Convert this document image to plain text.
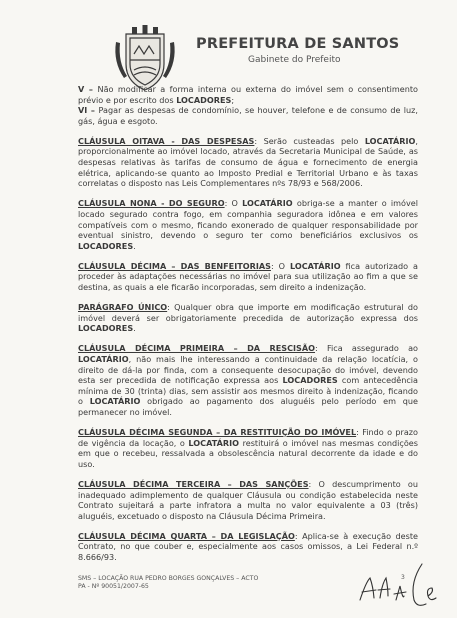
PREFEITURA DE SANTOS
Gabinete do Prefeito

V – Não modificar a forma interna ou externa do imóvel sem o consentimento prévio e por escrito dos LOCADORES;

VI – Pagar as despesas de condomínio, se houver, telefone e de consumo de luz, gás, água e esgoto.

CLÁUSULA OITAVA - DAS DESPESAS: Serão custeadas pelo LOCATÁRIO, proporcionalmente ao imóvel locado, através da Secretaria Municipal de Saúde, as despesas relativas às tarifas de consumo de água e fornecimento de energia elétrica, aplicando-se quanto ao Imposto Predial e Territorial Urbano e às taxas correlatas o disposto nas Leis Complementares nºs 78/93 e 568/2006.

CLÁUSULA NONA - DO SEGURO: O LOCATÁRIO obriga-se a manter o imóvel locado segurado contra fogo, em companhia seguradora idônea e em valores compatíveis com o mesmo, ficando exonerado de qualquer responsabilidade por eventual sinistro, devendo o seguro ter como beneficiários exclusivos os LOCADORES.

CLÁUSULA DÉCIMA – DAS BENFEITORIAS: O LOCATÁRIO fica autorizado a proceder às adaptações necessárias no imóvel para sua utilização ao fim a que se destina, as quais a ele ficarão incorporadas, sem direito a indenização.

PARÁGRAFO ÚNICO: Qualquer obra que importe em modificação estrutural do imóvel deverá ser obrigatoriamente precedida de autorização expressa dos LOCADORES.

CLÁUSULA DÉCIMA PRIMEIRA – DA RESCISÃO: Fica assegurado ao LOCATÁRIO, não mais lhe interessando a continuidade da relação locatícia, o direito de dá-la por finda, com a consequente desocupação do imóvel, devendo esta ser precedida de notificação expressa aos LOCADORES com antecedência mínima de 30 (trinta) dias, sem assistir aos mesmos direito à indenização, ficando o LOCATÁRIO obrigado ao pagamento dos aluguéis pelo período em que permanecer no imóvel.

CLÁUSULA DÉCIMA SEGUNDA – DA RESTITUIÇÃO DO IMÓVEL: Findo o prazo de vigência da locação, o LOCATÁRIO restituirá o imóvel nas mesmas condições em que o recebeu, ressalvada a obsolescência natural decorrente da idade e do uso.

CLÁUSULA DÉCIMA TERCEIRA – DAS SANÇÕES: O descumprimento ou inadequado adimplemento de qualquer Cláusula ou condição estabelecida neste Contrato sujeitará a parte infratora a multa no valor equivalente a 03 (três) aluguéis, excetuado o disposto na Cláusula Décima Primeira.

CLÁUSULA DÉCIMA QUARTA – DA LEGISLAÇÃO: Aplica-se à execução deste Contrato, no que couber e, especialmente aos casos omissos, a Lei Federal n.º 8.666/93.

SMS – LOCAÇÃO RUA PEDRO BORGES GONÇALVES – ACTO
PA - Nº 90051/2007-65
3
